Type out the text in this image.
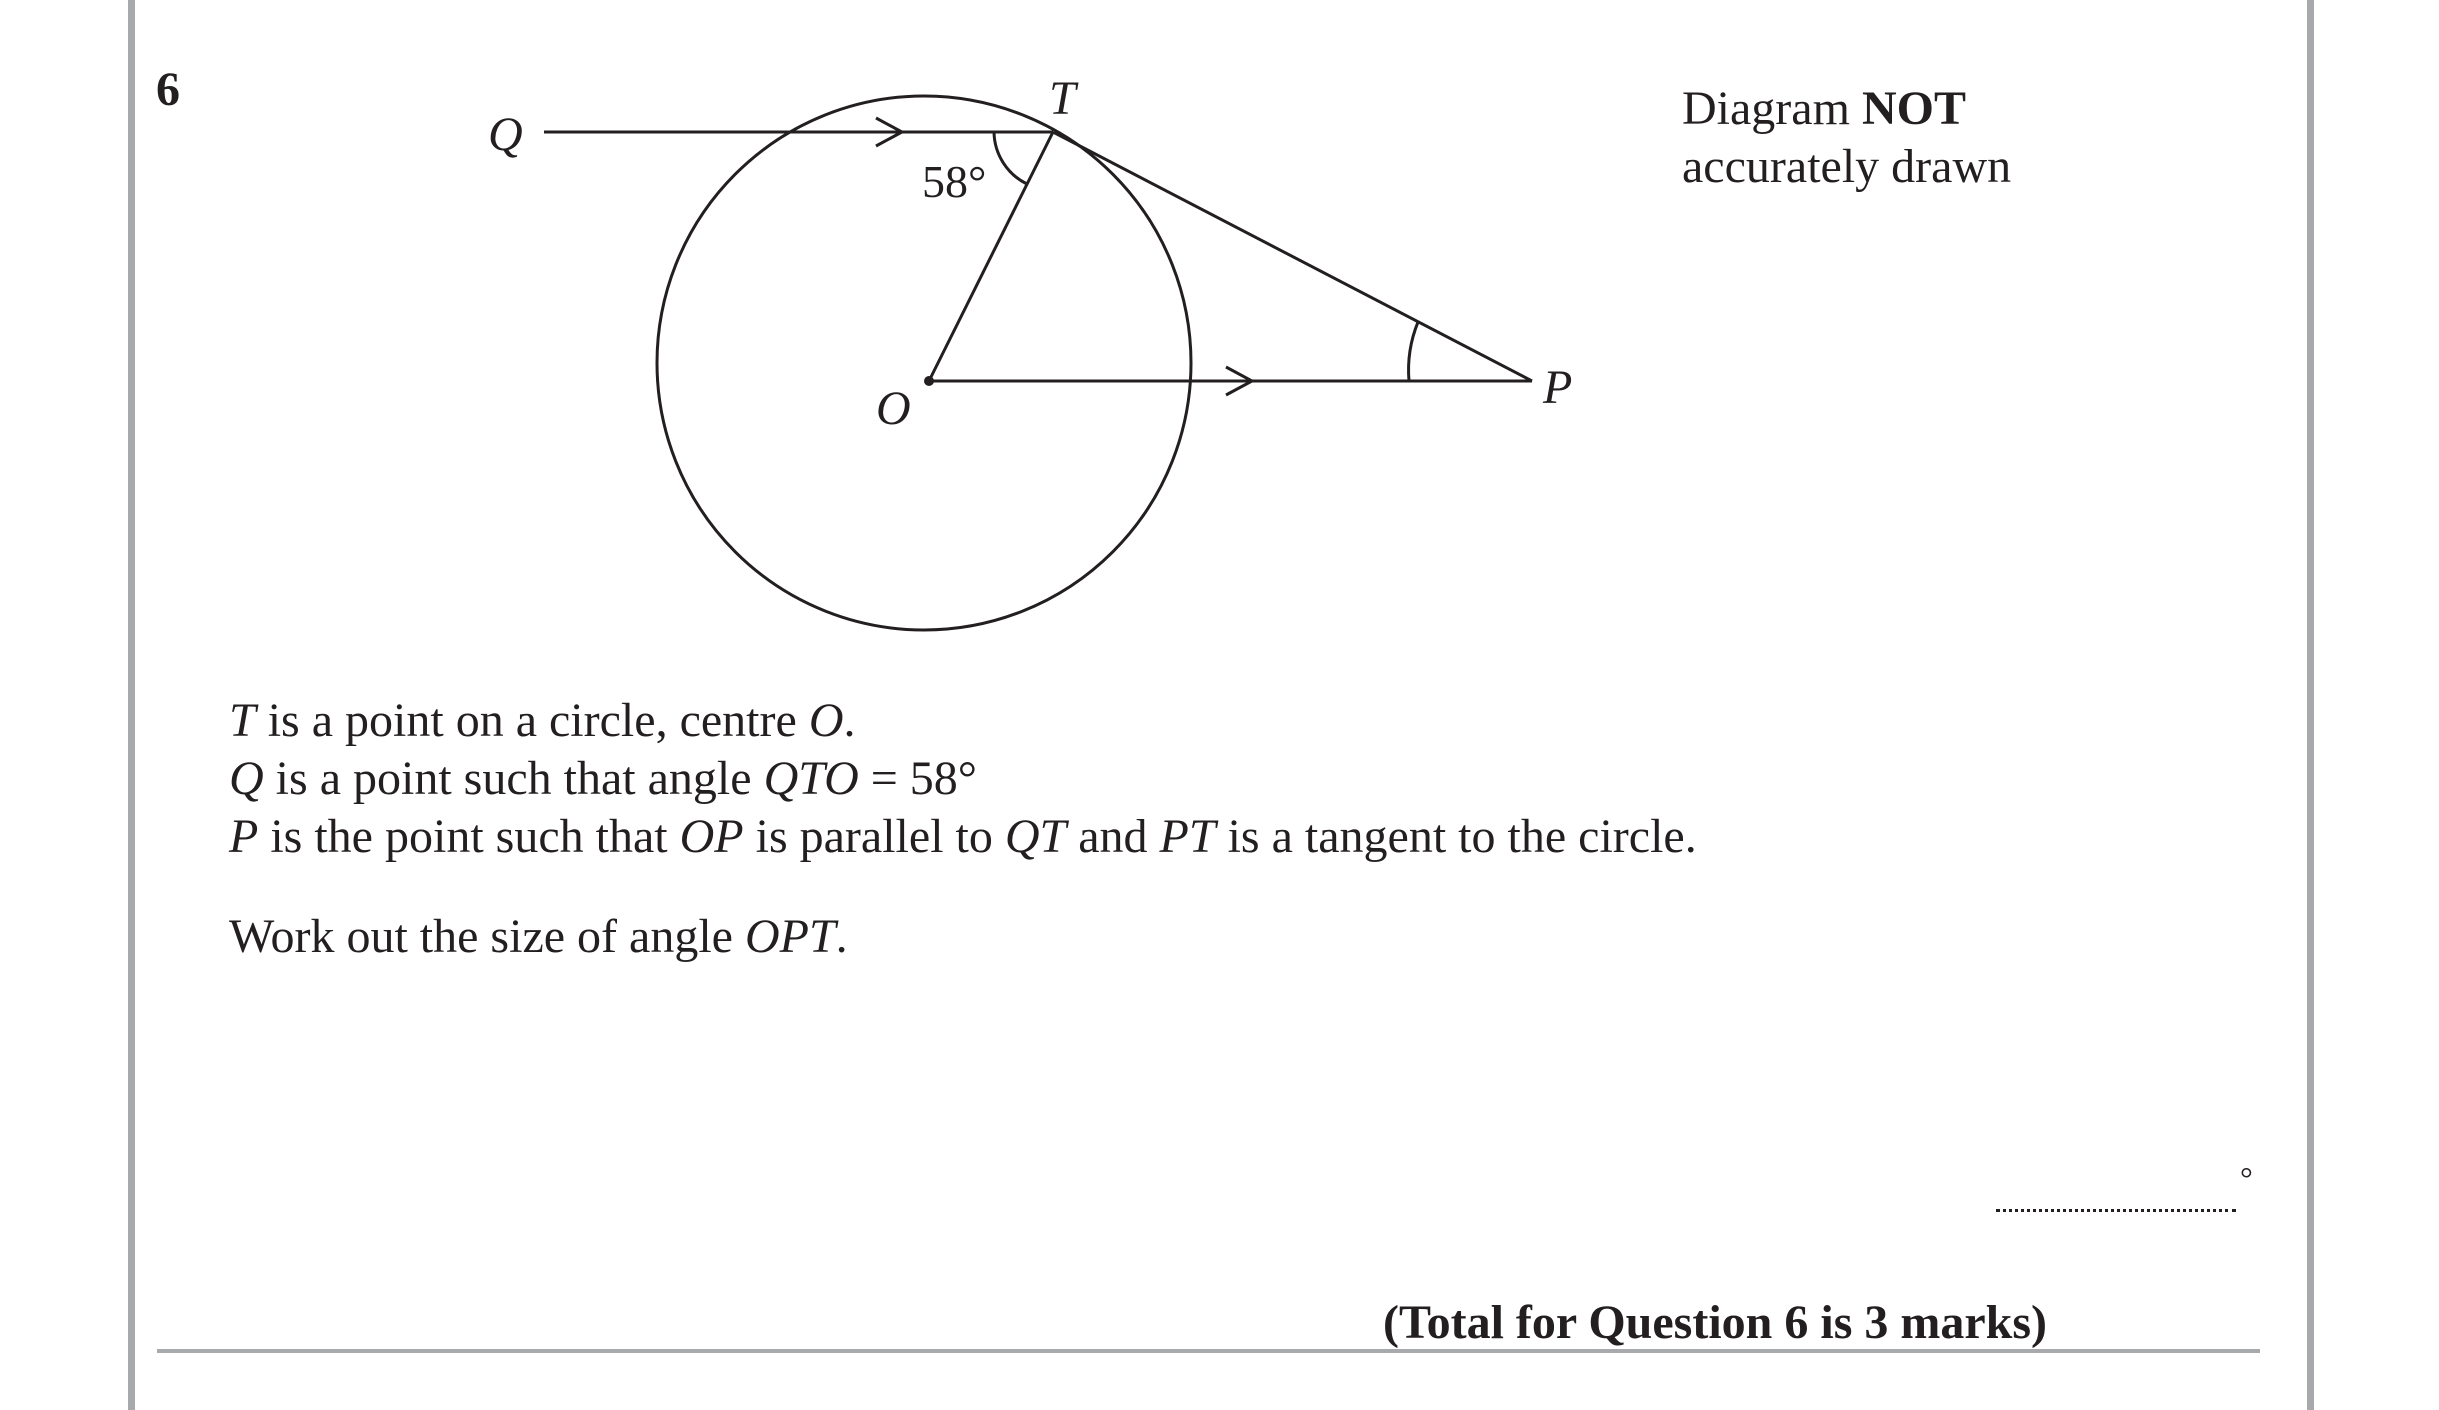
6	T
Q
O	P
58°
Diagram NOT
accurately drawn
T is a point on a circle, centre O.
Q is a point such that angle QTO = 58°
P is the point such that OP is parallel to QT and PT is a tangent to the circle.
Work out the size of angle OPT.
°
(Total for Question 6 is 3 marks)
